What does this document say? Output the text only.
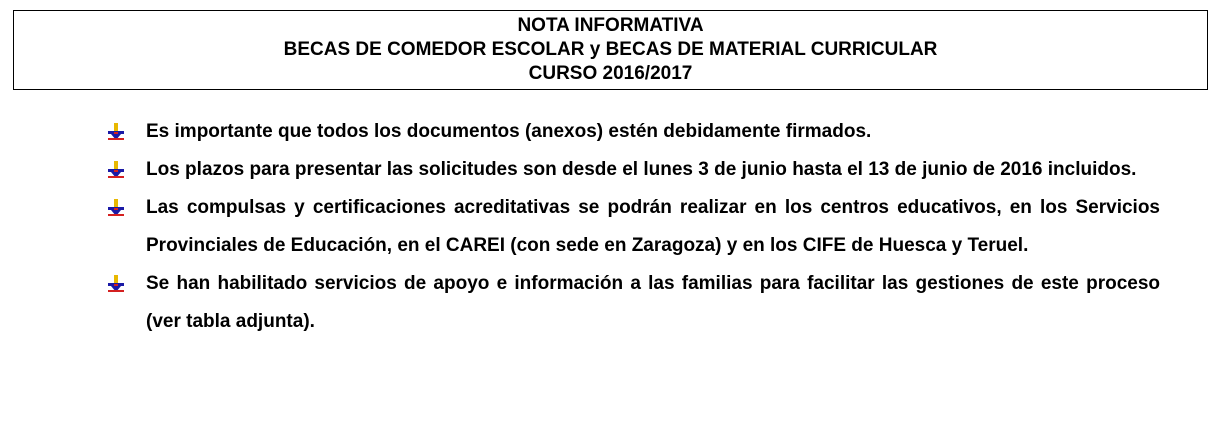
NOTA INFORMATIVA
BECAS DE COMEDOR ESCOLAR y BECAS DE MATERIAL CURRICULAR
CURSO 2016/2017
Es importante que todos los documentos (anexos) estén debidamente firmados.
Los plazos para presentar las solicitudes son desde el lunes 3 de junio hasta el 13 de junio de 2016 incluidos.
Las compulsas y certificaciones acreditativas se podrán realizar en los centros educativos, en los Servicios Provinciales de Educación, en el CAREI (con sede en Zaragoza) y en los CIFE de Huesca y Teruel.
Se han habilitado servicios de apoyo e información a las familias para facilitar las gestiones de este proceso (ver tabla adjunta).
